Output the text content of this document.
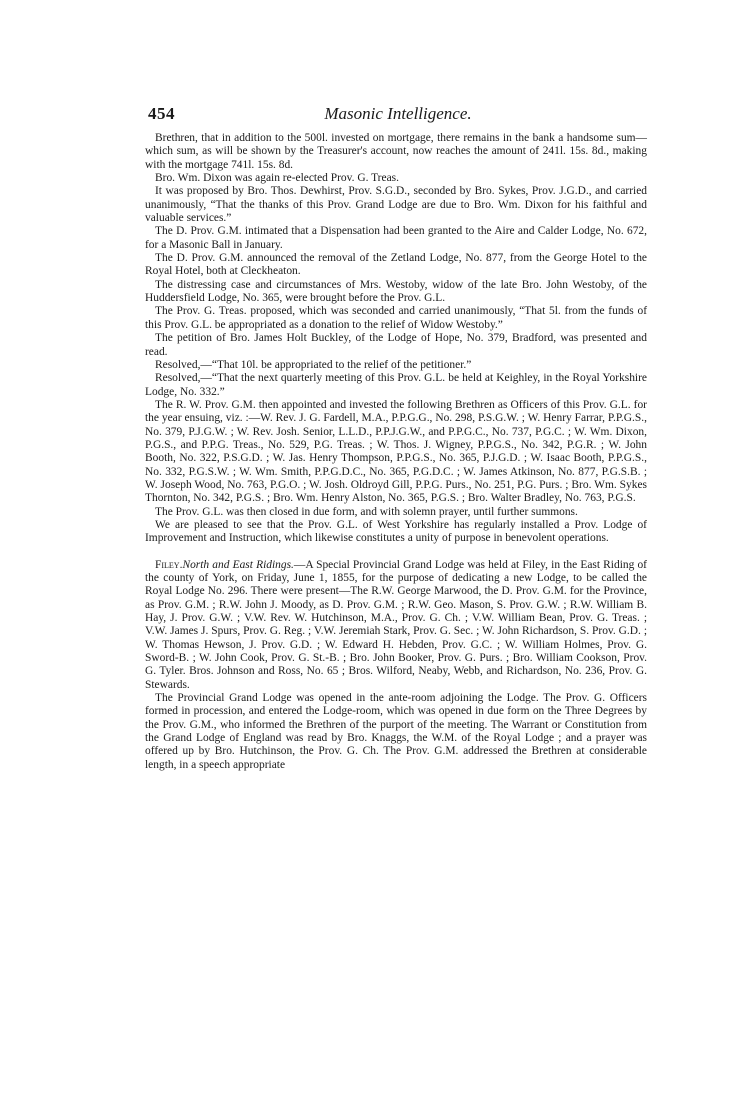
454	Masonic Intelligence.

Brethren, that in addition to the 500l. invested on mortgage, there remains in the bank a handsome sum—which sum, as will be shown by the Treasurer's account, now reaches the amount of 241l. 15s. 8d., making with the mortgage 741l. 15s. 8d.

Bro. Wm. Dixon was again re-elected Prov. G. Treas.

It was proposed by Bro. Thos. Dewhirst, Prov. S.G.D., seconded by Bro. Sykes, Prov. J.G.D., and carried unanimously, “That the thanks of this Prov. Grand Lodge are due to Bro. Wm. Dixon for his faithful and valuable services.”

The D. Prov. G.M. intimated that a Dispensation had been granted to the Aire and Calder Lodge, No. 672, for a Masonic Ball in January.

The D. Prov. G.M. announced the removal of the Zetland Lodge, No. 877, from the George Hotel to the Royal Hotel, both at Cleckheaton.

The distressing case and circumstances of Mrs. Westoby, widow of the late Bro. John Westoby, of the Huddersfield Lodge, No. 365, were brought before the Prov. G.L.

The Prov. G. Treas. proposed, which was seconded and carried unanimously, “That 5l. from the funds of this Prov. G.L. be appropriated as a donation to the relief of Widow Westoby.”

The petition of Bro. James Holt Buckley, of the Lodge of Hope, No. 379, Bradford, was presented and read.

Resolved,—“That 10l. be appropriated to the relief of the petitioner.”

Resolved,—“That the next quarterly meeting of this Prov. G.L. be held at Keighley, in the Royal Yorkshire Lodge, No. 332.”

The R. W. Prov. G.M. then appointed and invested the following Brethren as Officers of this Prov. G.L. for the year ensuing, viz. :—W. Rev. J. G. Fardell, M.A., P.P.G.G., No. 298, P.S.G.W. ; W. Henry Farrar, P.P.G.S., No. 379, P.J.G.W. ; W. Rev. Josh. Senior, L.L.D., P.P.J.G.W., and P.P.G.C., No. 737, P.G.C. ; W. Wm. Dixon, P.G.S., and P.P.G. Treas., No. 529, P.G. Treas. ; W. Thos. J. Wigney, P.P.G.S., No. 342, P.G.R. ; W. John Booth, No. 322, P.S.G.D. ; W. Jas. Henry Thompson, P.P.G.S., No. 365, P.J.G.D. ; W. Isaac Booth, P.P.G.S., No. 332, P.G.S.W. ; W. Wm. Smith, P.P.G.D.C., No. 365, P.G.D.C. ; W. James Atkinson, No. 877, P.G.S.B. ; W. Joseph Wood, No. 763, P.G.O. ; W. Josh. Oldroyd Gill, P.P.G. Purs., No. 251, P.G. Purs. ; Bro. Wm. Sykes Thornton, No. 342, P.G.S. ; Bro. Wm. Henry Alston, No. 365, P.G.S. ; Bro. Walter Bradley, No. 763, P.G.S.

The Prov. G.L. was then closed in due form, and with solemn prayer, until further summons.

We are pleased to see that the Prov. G.L. of West Yorkshire has regularly installed a Prov. Lodge of Improvement and Instruction, which likewise constitutes a unity of purpose in benevolent operations.

Filey.North and East Ridings.—A Special Provincial Grand Lodge was held at Filey, in the East Riding of the county of York, on Friday, June 1, 1855, for the purpose of dedicating a new Lodge, to be called the Royal Lodge No. 296. There were present—The R.W. George Marwood, the D. Prov. G.M. for the Province, as Prov. G.M. ; R.W. John J. Moody, as D. Prov. G.M. ; R.W. Geo. Mason, S. Prov. G.W. ; R.W. William B. Hay, J. Prov. G.W. ; V.W. Rev. W. Hutchinson, M.A., Prov. G. Ch. ; V.W. William Bean, Prov. G. Treas. ; V.W. James J. Spurs, Prov. G. Reg. ; V.W. Jeremiah Stark, Prov. G. Sec. ; W. John Richardson, S. Prov. G.D. ; W. Thomas Hewson, J. Prov. G.D. ; W. Edward H. Hebden, Prov. G.C. ; W. William Holmes, Prov. G. Sword-B. ; W. John Cook, Prov. G. St.-B. ; Bro. John Booker, Prov. G. Purs. ; Bro. William Cookson, Prov. G. Tyler. Bros. Johnson and Ross, No. 65 ; Bros. Wilford, Neaby, Webb, and Richardson, No. 236, Prov. G. Stewards.

The Provincial Grand Lodge was opened in the ante-room adjoining the Lodge. The Prov. G. Officers formed in procession, and entered the Lodge-room, which was opened in due form on the Three Degrees by the Prov. G.M., who informed the Brethren of the purport of the meeting. The Warrant or Constitution from the Grand Lodge of England was read by Bro. Knaggs, the W.M. of the Royal Lodge ; and a prayer was offered up by Bro. Hutchinson, the Prov. G. Ch. The Prov. G.M. addressed the Brethren at considerable length, in a speech appropriate
